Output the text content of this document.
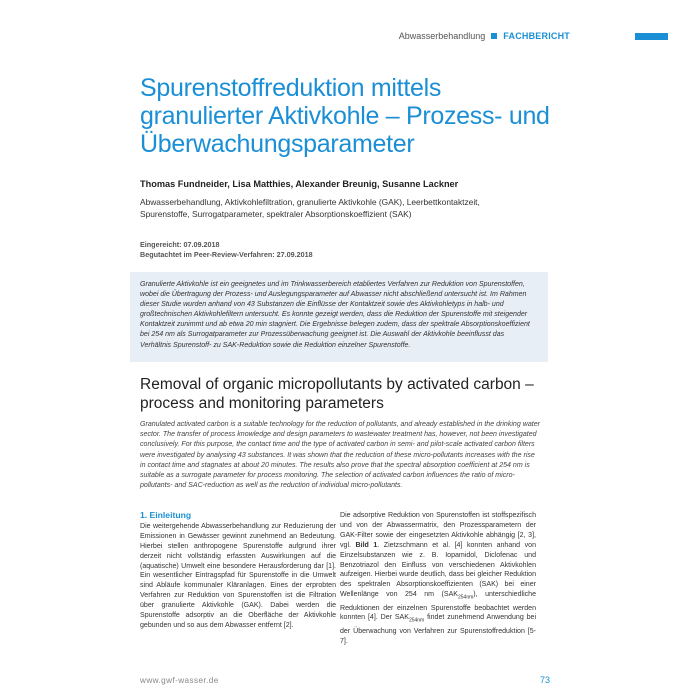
Abwasserbehandlung FACHBERICHT
Spurenstoffreduktion mittels granulierter Aktivkohle – Prozess- und Überwachungsparameter
Thomas Fundneider, Lisa Matthies, Alexander Breunig, Susanne Lackner
Abwasserbehandlung, Aktivkohlefiltration, granulierte Aktivkohle (GAK), Leerbettkontaktzeit, Spurenstoffe, Surrogatparameter, spektraler Absorptionskoeffizient (SAK)
Eingereicht: 07.09.2018
Begutachtet im Peer-Review-Verfahren: 27.09.2018
Granulierte Aktivkohle ist ein geeignetes und im Trinkwasserbereich etabliertes Verfahren zur Reduktion von Spurenstoffen, wobei die Übertragung der Prozess- und Auslegungsparameter auf Abwasser nicht abschließend untersucht ist. Im Rahmen dieser Studie wurden anhand von 43 Substanzen die Einflüsse der Kontaktzeit sowie des Aktivkohletyps in halb- und großtechnischen Aktivkohlefiltern untersucht. Es konnte gezeigt werden, dass die Reduktion der Spurenstoffe mit steigender Kontaktzeit zunimmt und ab etwa 20 min stagniert. Die Ergebnisse belegen zudem, dass der spektrale Absorptionskoeffizient bei 254 nm als Surrogatparameter zur Prozessüberwachung geeignet ist. Die Auswahl der Aktivkohle beeinflusst das Verhältnis Spurenstoff- zu SAK-Reduktion sowie die Reduktion einzelner Spurenstoffe.
Removal of organic micropollutants by activated carbon – process and monitoring parameters
Granulated activated carbon is a suitable technology for the reduction of pollutants, and already established in the drinking water sector. The transfer of process knowledge and design parameters to wastewater treatment has, however, not been investigated conclusively. For this purpose, the contact time and the type of activated carbon in semi- and pilot-scale activated carbon filters were investigated by analysing 43 substances. It was shown that the reduction of these micro-pollutants increases with the rise in contact time and stagnates at about 20 minutes. The results also prove that the spectral absorption coefficient at 254 nm is suitable as a surrogate parameter for process monitoring. The selection of activated carbon influences the ratio of micro-pollutants- and SAC-reduction as well as the reduction of individual micro-pollutants.
1. Einleitung

Die weitergehende Abwasserbehandlung zur Reduzierung der Emissionen in Gewässer gewinnt zunehmend an Bedeutung. Hierbei stellen anthropogene Spurenstoffe aufgrund ihrer derzeit nicht vollständig erfassten Auswirkungen auf die (aquatische) Umwelt eine besondere Herausforderung dar [1]. Ein wesentlicher Eintragspfad für Spurenstoffe in die Umwelt sind Abläufe kommunaler Kläranlagen. Eines der erprobten Verfahren zur Reduktion von Spurenstoffen ist die Filtration über granulierte Aktivkohle (GAK). Dabei werden die Spurenstoffe adsorptiv an die Oberfläche der Aktivkohle gebunden und so aus dem Abwasser entfernt [2].

Die adsorptive Reduktion von Spurenstoffen ist stoffspezifisch und von der Abwassermatrix, den Prozessparametern der GAK-Filter sowie der eingesetzten Aktivkohle abhängig [2, 3], vgl. Bild 1. Zietzschmann et al. [4] konnten anhand von Einzelsubstanzen wie z. B. Iopamidol, Diclofenac und Benzotriazol den Einfluss von verschiedenen Aktivkohlen aufzeigen. Hierbei wurde deutlich, dass bei gleicher Reduktion des spektralen Absorptionskoeffizienten (SAK) bei einer Wellenlänge von 254 nm $(SAK_{254nm})$, unterschiedliche Reduktionen der einzelnen Spurenstoffe beobachtet werden konnten [4]. Der $SAK_{254nm}$ findet zunehmend Anwendung bei der Überwachung von Verfahren zur Spurenstoffreduktion [5-7].

www.gwf-wasser.de	73
